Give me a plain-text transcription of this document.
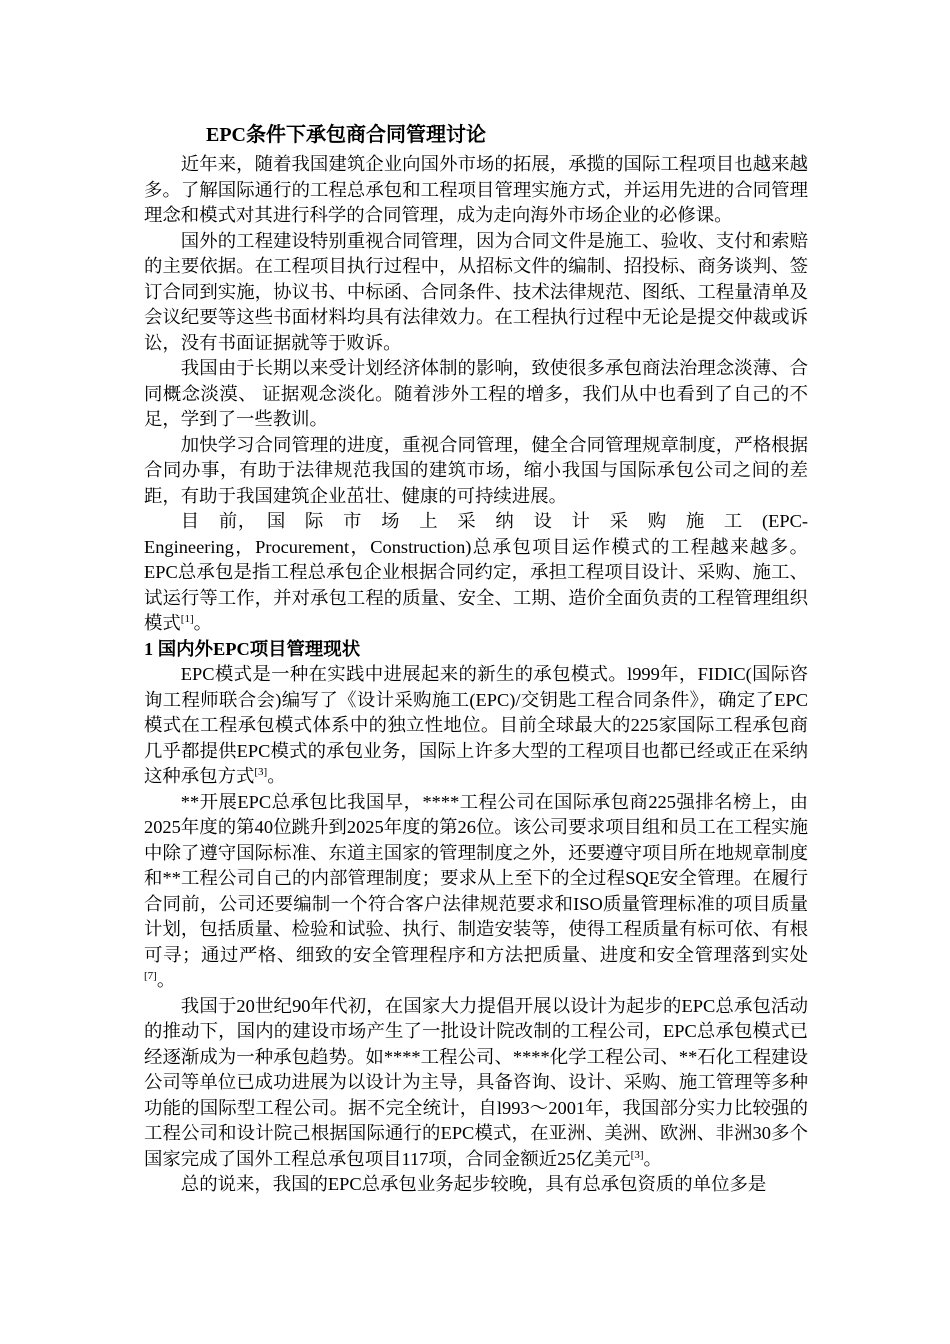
EPC条件下承包商合同管理讨论

近年来，随着我国建筑企业向国外市场的拓展，承揽的国际工程项目也越来越多。了解国际通行的工程总承包和工程项目管理实施方式，并运用先进的合同管理理念和模式对其进行科学的合同管理，成为走向海外市场企业的必修课。

国外的工程建设特别重视合同管理，因为合同文件是施工、验收、支付和索赔的主要依据。在工程项目执行过程中，从招标文件的编制、招投标、商务谈判、签订合同到实施，协议书、中标函、合同条件、技术法律规范、图纸、工程量清单及会议纪要等这些书面材料均具有法律效力。在工程执行过程中无论是提交仲裁或诉讼，没有书面证据就等于败诉。

我国由于长期以来受计划经济体制的影响，致使很多承包商法治理念淡薄、合同概念淡漠、 证据观念淡化。随着涉外工程的增多，我们从中也看到了自己的不足，学到了一些教训。

加快学习合同管理的进度，重视合同管理，健全合同管理规章制度，严格根据合同办事，有助于法律规范我国的建筑市场，缩小我国与国际承包公司之间的差距，有助于我国建筑企业茁壮、健康的可持续进展。

目　前，　国　际　市　场　上　采　纳　设　计　采　购　施　工　(EPC-

Engineering，Procurement，Construction)总承包项目运作模式的工程越来越多。EPC总承包是指工程总承包企业根据合同约定，承担工程项目设计、采购、施工、试运行等工作，并对承包工程的质量、安全、工期、造价全面负责的工程管理组织模式[1]。

1 国内外EPC项目管理现状

EPC模式是一种在实践中进展起来的新生的承包模式。l999年，FIDIC(国际咨询工程师联合会)编写了《设计采购施工(EPC)/交钥匙工程合同条件》，确定了EPC模式在工程承包模式体系中的独立性地位。目前全球最大的225家国际工程承包商几乎都提供EPC模式的承包业务，国际上许多大型的工程项目也都已经或正在采纳这种承包方式[3]。

**开展EPC总承包比我国早，****工程公司在国际承包商225强排名榜上，由2025年度的第40位跳升到2025年度的第26位。该公司要求项目组和员工在工程实施中除了遵守国际标准、东道主国家的管理制度之外，还要遵守项目所在地规章制度和**工程公司自己的内部管理制度；要求从上至下的全过程SQE安全管理。在履行合同前，公司还要编制一个符合客户法律规范要求和ISO质量管理标准的项目质量计划，包括质量、检验和试验、执行、制造安装等，使得工程质量有标可依、有根可寻；通过严格、细致的安全管理程序和方法把质量、进度和安全管理落到实处[7]。

我国于20世纪90年代初，在国家大力提倡开展以设计为起步的EPC总承包活动的推动下，国内的建设市场产生了一批设计院改制的工程公司，EPC总承包模式已经逐渐成为一种承包趋势。如****工程公司、****化学工程公司、**石化工程建设公司等单位已成功进展为以设计为主导，具备咨询、设计、采购、施工管理等多种功能的国际型工程公司。据不完全统计，自l993～2001年，我国部分实力比较强的工程公司和设计院己根据国际通行的EPC模式，在亚洲、美洲、欧洲、非洲30多个国家完成了国外工程总承包项目117项，合同金额近25亿美元[3]。

总的说来，我国的EPC总承包业务起步较晚，具有总承包资质的单位多是
